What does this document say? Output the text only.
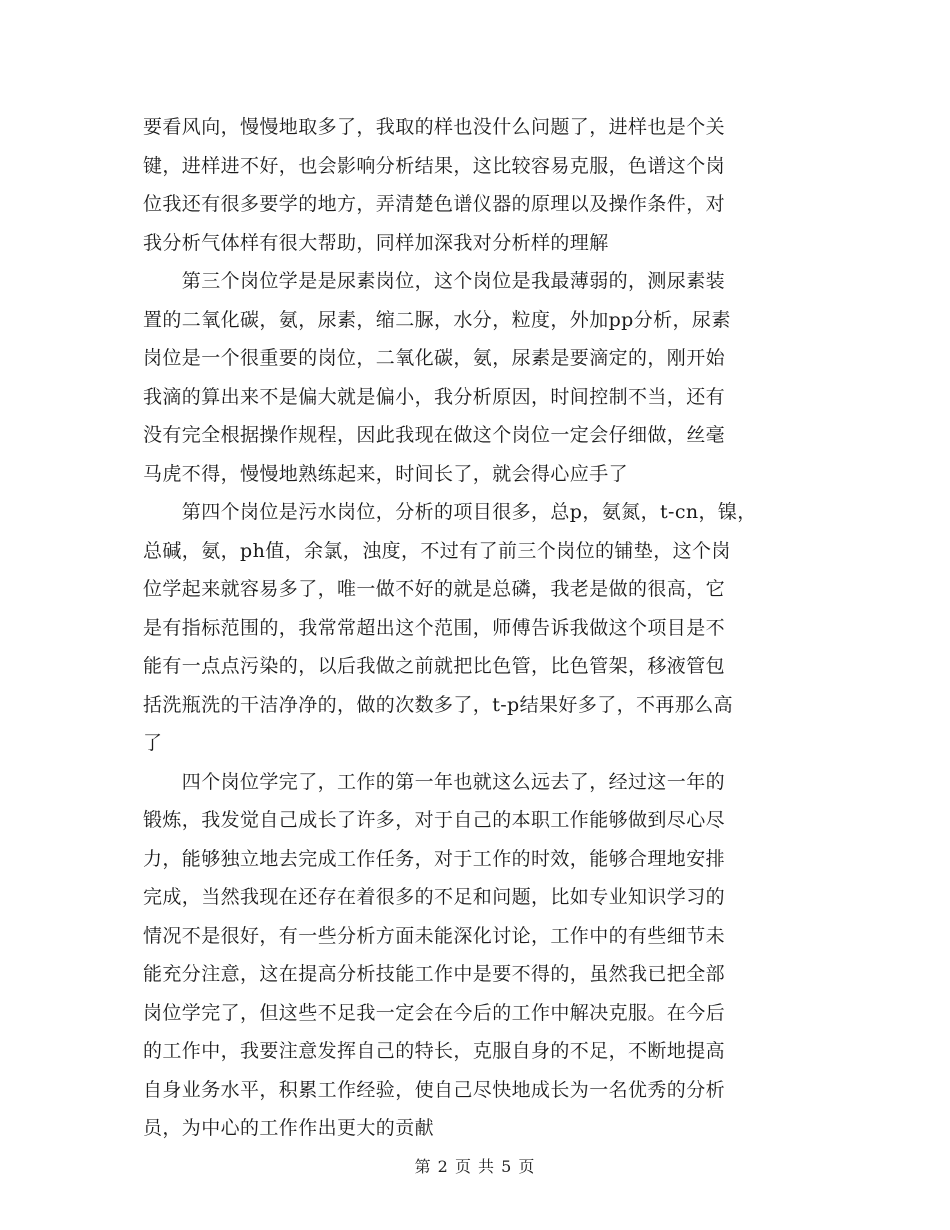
要看风向，慢慢地取多了，我取的样也没什么问题了，进样也是个关
键，进样进不好，也会影响分析结果，这比较容易克服，色谱这个岗
位我还有很多要学的地方，弄清楚色谱仪器的原理以及操作条件，对
我分析气体样有很大帮助，同样加深我对分析样的理解
　　第三个岗位学是是尿素岗位，这个岗位是我最薄弱的，测尿素装
置的二氧化碳，氨，尿素，缩二脲，水分，粒度，外加pp分析，尿素
岗位是一个很重要的岗位，二氧化碳，氨，尿素是要滴定的，刚开始
我滴的算出来不是偏大就是偏小，我分析原因，时间控制不当，还有
没有完全根据操作规程，因此我现在做这个岗位一定会仔细做，丝毫
马虎不得，慢慢地熟练起来，时间长了，就会得心应手了
　　第四个岗位是污水岗位，分析的项目很多，总p，氨氮，t-cn，镍，
总碱，氨，ph值，余氯，浊度，不过有了前三个岗位的铺垫，这个岗
位学起来就容易多了，唯一做不好的就是总磷，我老是做的很高，它
是有指标范围的，我常常超出这个范围，师傅告诉我做这个项目是不
能有一点点污染的，以后我做之前就把比色管，比色管架，移液管包
括洗瓶洗的干洁净净的，做的次数多了，t-p结果好多了，不再那么高
了
　　四个岗位学完了，工作的第一年也就这么远去了，经过这一年的
锻炼，我发觉自己成长了许多，对于自己的本职工作能够做到尽心尽
力，能够独立地去完成工作任务，对于工作的时效，能够合理地安排
完成，当然我现在还存在着很多的不足和问题，比如专业知识学习的
情况不是很好，有一些分析方面未能深化讨论，工作中的有些细节未
能充分注意，这在提高分析技能工作中是要不得的，虽然我已把全部
岗位学完了，但这些不足我一定会在今后的工作中解决克服。在今后
的工作中，我要注意发挥自己的特长，克服自身的不足，不断地提高
自身业务水平，积累工作经验，使自己尽快地成长为一名优秀的分析
员，为中心的工作作出更大的贡献
第 2 页 共 5 页
